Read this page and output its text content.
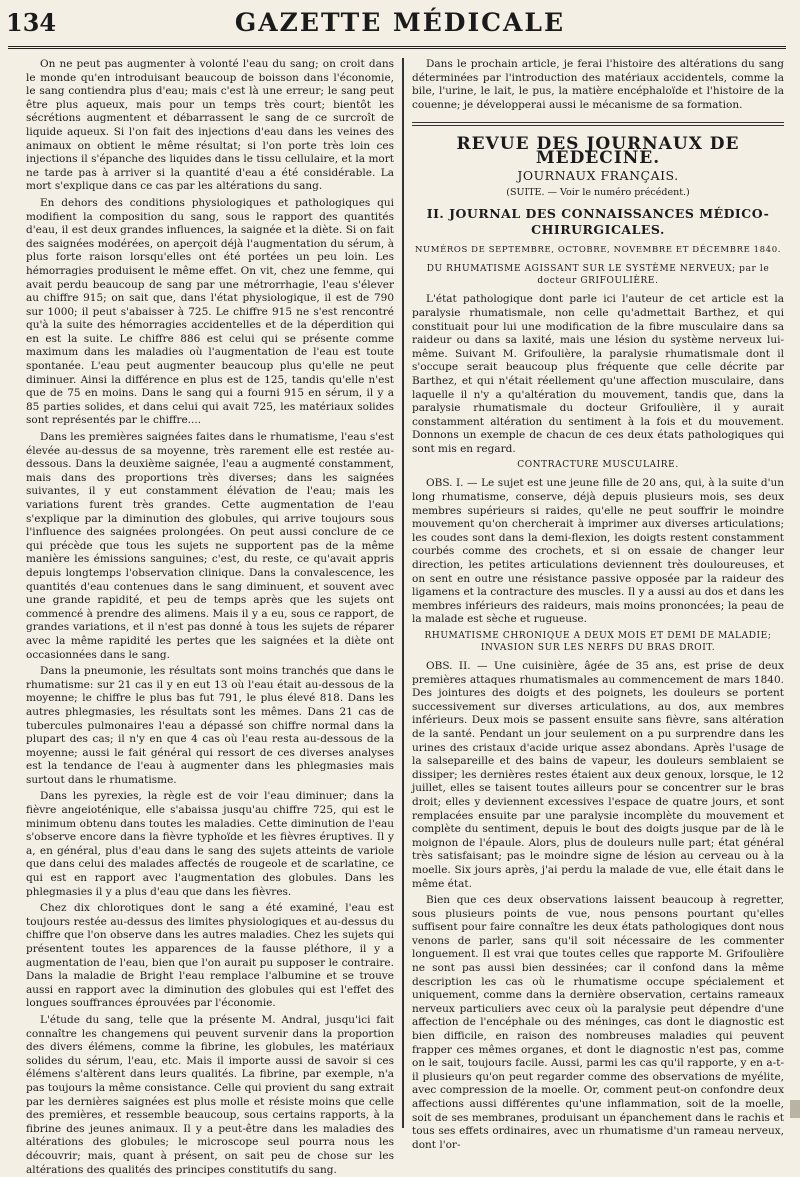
134	GAZETTE MÉDICALE

On ne peut pas augmenter à volonté l'eau du sang; on croit dans le monde qu'en introduisant beaucoup de boisson dans l'économie, le sang contiendra plus d'eau; mais c'est là une erreur; le sang peut être plus aqueux, mais pour un temps très court; bientôt les sécrétions augmentent et débarrassent le sang de ce surcroît de liquide aqueux. Si l'on fait des injections d'eau dans les veines des animaux on obtient le même résultat; si l'on porte très loin ces injections il s'épanche des liquides dans le tissu cellulaire, et la mort ne tarde pas à arriver si la quantité d'eau a été considérable. La mort s'explique dans ce cas par les altérations du sang.

En dehors des conditions physiologiques et pathologiques qui modifient la composition du sang, sous le rapport des quantités d'eau, il est deux grandes influences, la saignée et la diète. Si on fait des saignées modérées, on aperçoit déjà l'augmentation du sérum, à plus forte raison lorsqu'elles ont été portées un peu loin. Les hémorragies produisent le même effet. On vit, chez une femme, qui avait perdu beaucoup de sang par une métrorrhagie, l'eau s'élever au chiffre 915; on sait que, dans l'état physiologique, il est de 790 sur 1000; il peut s'abaisser à 725. Le chiffre 915 ne s'est rencontré qu'à la suite des hémorragies accidentelles et de la déperdition qui en est la suite. Le chiffre 886 est celui qui se présente comme maximum dans les maladies où l'augmentation de l'eau est toute spontanée. L'eau peut augmenter beaucoup plus qu'elle ne peut diminuer. Ainsi la différence en plus est de 125, tandis qu'elle n'est que de 75 en moins. Dans le sang qui a fourni 915 en sérum, il y a 85 parties solides, et dans celui qui avait 725, les matériaux solides sont représentés par le chiffre....

Dans les premières saignées faites dans le rhumatisme, l'eau s'est élevée au-dessus de sa moyenne, très rarement elle est restée au-dessous. Dans la deuxième saignée, l'eau a augmenté constamment, mais dans des proportions très diverses; dans les saignées suivantes, il y eut constamment élévation de l'eau; mais les variations furent très grandes. Cette augmentation de l'eau s'explique par la diminution des globules, qui arrive toujours sous l'influence des saignées prolongées. On peut aussi conclure de ce qui précède que tous les sujets ne supportent pas de la même manière les émissions sanguines; c'est, du reste, ce qu'avait appris depuis longtemps l'observation clinique. Dans la convalescence, les quantités d'eau contenues dans le sang diminuent, et souvent avec une grande rapidité, et peu de temps après que les sujets ont commencé à prendre des alimens. Mais il y a eu, sous ce rapport, de grandes variations, et il n'est pas donné à tous les sujets de réparer avec la même rapidité les pertes que les saignées et la diète ont occasionnées dans le sang.

Dans la pneumonie, les résultats sont moins tranchés que dans le rhumatisme: sur 21 cas il y en eut 13 où l'eau était au-dessous de la moyenne; le chiffre le plus bas fut 791, le plus élevé 818. Dans les autres phlegmasies, les résultats sont les mêmes. Dans 21 cas de tubercules pulmonaires l'eau a dépassé son chiffre normal dans la plupart des cas; il n'y en que 4 cas où l'eau resta au-dessous de la moyenne; aussi le fait général qui ressort de ces diverses analyses est la tendance de l'eau à augmenter dans les phlegmasies mais surtout dans le rhumatisme.

Dans les pyrexies, la règle est de voir l'eau diminuer; dans la fièvre angeioténique, elle s'abaissa jusqu'au chiffre 725, qui est le minimum obtenu dans toutes les maladies. Cette diminution de l'eau s'observe encore dans la fièvre typhoïde et les fièvres éruptives. Il y a, en général, plus d'eau dans le sang des sujets atteints de variole que dans celui des malades affectés de rougeole et de scarlatine, ce qui est en rapport avec l'augmentation des globules. Dans les phlegmasies il y a plus d'eau que dans les fièvres.

Chez dix chlorotiques dont le sang a été examiné, l'eau est toujours restée au-dessus des limites physiologiques et au-dessus du chiffre que l'on observe dans les autres maladies. Chez les sujets qui présentent toutes les apparences de la fausse pléthore, il y a augmentation de l'eau, bien que l'on aurait pu supposer le contraire. Dans la maladie de Bright l'eau remplace l'albumine et se trouve aussi en rapport avec la diminution des globules qui est l'effet des longues souffrances éprouvées par l'économie.

L'étude du sang, telle que la présente M. Andral, jusqu'ici fait connaître les changemens qui peuvent survenir dans la proportion des divers élémens, comme la fibrine, les globules, les matériaux solides du sérum, l'eau, etc. Mais il importe aussi de savoir si ces élémens s'altèrent dans leurs qualités. La fibrine, par exemple, n'a pas toujours la même consistance. Celle qui provient du sang extrait par les dernières saignées est plus molle et résiste moins que celle des premières, et ressemble beaucoup, sous certains rapports, à la fibrine des jeunes animaux. Il y a peut-être dans les maladies des altérations des globules; le microscope seul pourra nous les découvrir; mais, quant à présent, on sait peu de chose sur les altérations des qualités des principes constitutifs du sang.

Dans le prochain article, je ferai l'histoire des altérations du sang déterminées par l'introduction des matériaux accidentels, comme la bile, l'urine, le lait, le pus, la matière encéphaloïde et l'histoire de la couenne; je développerai aussi le mécanisme de sa formation.

REVUE DES JOURNAUX DE MÉDECINE.
JOURNAUX FRANÇAIS.
(SUITE. — Voir le numéro précédent.)
II. JOURNAL DES CONNAISSANCES MÉDICO-CHIRURGICALES.
NUMÉROS DE SEPTEMBRE, OCTOBRE, NOVEMBRE ET DÉCEMBRE 1840.
DU RHUMATISME AGISSANT SUR LE SYSTÈME NERVEUX; par le docteur GRIFOULIÈRE.

L'état pathologique dont parle ici l'auteur de cet article est la paralysie rhumatismale, non celle qu'admettait Barthez, et qui constituait pour lui une modification de la fibre musculaire dans sa raideur ou dans sa laxité, mais une lésion du système nerveux lui-même. Suivant M. Grifoulière, la paralysie rhumatismale dont il s'occupe serait beaucoup plus fréquente que celle décrite par Barthez, et qui n'était réellement qu'une affection musculaire, dans laquelle il n'y a qu'altération du mouvement, tandis que, dans la paralysie rhumatismale du docteur Grifoulière, il y aurait constamment altération du sentiment à la fois et du mouvement. Donnons un exemple de chacun de ces deux états pathologiques qui sont mis en regard.

CONTRACTURE MUSCULAIRE.

OBS. I. — Le sujet est une jeune fille de 20 ans, qui, à la suite d'un long rhumatisme, conserve, déjà depuis plusieurs mois, ses deux membres supérieurs si raides, qu'elle ne peut souffrir le moindre mouvement qu'on chercherait à imprimer aux diverses articulations; les coudes sont dans la demi-flexion, les doigts restent constamment courbés comme des crochets, et si on essaie de changer leur direction, les petites articulations deviennent très douloureuses, et on sent en outre une résistance passive opposée par la raideur des ligamens et la contracture des muscles. Il y a aussi au dos et dans les membres inférieurs des raideurs, mais moins prononcées; la peau de la malade est sèche et rugueuse.

RHUMATISME CHRONIQUE A DEUX MOIS ET DEMI DE MALADIE; INVASION SUR LES NERFS DU BRAS DROIT.

OBS. II. — Une cuisinière, âgée de 35 ans, est prise de deux premières attaques rhumatismales au commencement de mars 1840. Des jointures des doigts et des poignets, les douleurs se portent successivement sur diverses articulations, au dos, aux membres inférieurs. Deux mois se passent ensuite sans fièvre, sans altération de la santé. Pendant un jour seulement on a pu surprendre dans les urines des cristaux d'acide urique assez abondans. Après l'usage de la salsepareille et des bains de vapeur, les douleurs semblaient se dissiper; les dernières restes étaient aux deux genoux, lorsque, le 12 juillet, elles se taisent toutes ailleurs pour se concentrer sur le bras droit; elles y deviennent excessives l'espace de quatre jours, et sont remplacées ensuite par une paralysie incomplète du mouvement et complète du sentiment, depuis le bout des doigts jusque par de là le moignon de l'épaule. Alors, plus de douleurs nulle part; état général très satisfaisant; pas le moindre signe de lésion au cerveau ou à la moelle. Six jours après, j'ai perdu la malade de vue, elle était dans le même état.

Bien que ces deux observations laissent beaucoup à regretter, sous plusieurs points de vue, nous pensons pourtant qu'elles suffisent pour faire connaître les deux états pathologiques dont nous venons de parler, sans qu'il soit nécessaire de les commenter longuement. Il est vrai que toutes celles que rapporte M. Grifoulière ne sont pas aussi bien dessinées; car il confond dans la même description les cas où le rhumatisme occupe spécialement et uniquement, comme dans la dernière observation, certains rameaux nerveux particuliers avec ceux où la paralysie peut dépendre d'une affection de l'encéphale ou des méninges, cas dont le diagnostic est bien difficile, en raison des nombreuses maladies qui peuvent frapper ces mêmes organes, et dont le diagnostic n'est pas, comme on le sait, toujours facile. Aussi, parmi les cas qu'il rapporte, y en a-t-il plusieurs qu'on peut regarder comme des observations de myélite, avec compression de la moelle. Or, comment peut-on confondre deux affections aussi différentes qu'une inflammation, soit de la moelle, soit de ses membranes, produisant un épanchement dans le rachis et tous ses effets ordinaires, avec un rhumatisme d'un rameau nerveux, dont l'or-
